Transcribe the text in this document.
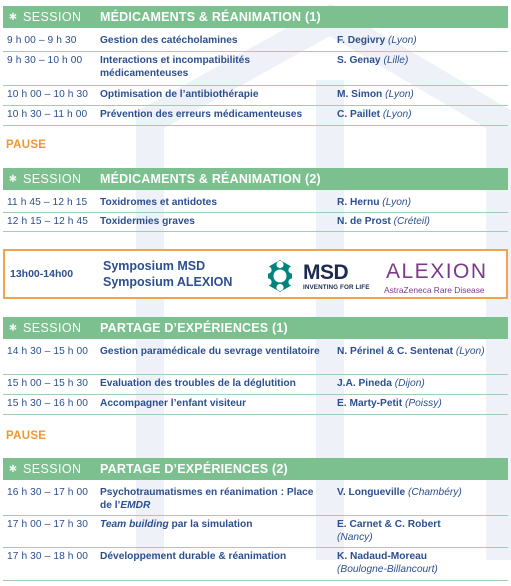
✱ SESSION	MÉDICAMENTS & RÉANIMATION (1)
9 h 00 – 9 h 30 Gestion des catécholamines	F. Degivry (Lyon)
9 h 30 – 10 h 00 Interactions et incompatibilités médicamenteuses
S. Genay (Lille)
10 h 00 – 10 h 30 Optimisation de l’antibiothérapie	M. Simon (Lyon)
10 h 30 – 11 h 00 Prévention des erreurs médicamenteuses	C. Paillet (Lyon)
PAUSE
✱ SESSION	MÉDICAMENTS & RÉANIMATION (2)
11 h 45 – 12 h 15 Toxidromes et antidotes	R. Hernu (Lyon)
12 h 15 – 12 h 45 Toxidermies graves	N. de Prost (Créteil)
13h00-14h00
Symposium MSD
Symposium ALEXION	MSD
INVENTING FOR LIFE
ALEXION
AstraZeneca Rare Disease
✱ SESSION	PARTAGE D’EXPÉRIENCES (1)
14 h 30 – 15 h 00 Gestion paramédicale du sevrage ventilatoire	N. Périnel & C. Sentenat (Lyon)
15 h 00 – 15 h 30 Evaluation des troubles de la déglutition	J.A. Pineda (Dijon)
15 h 30 – 16 h 00 Accompagner l’enfant visiteur	E. Marty-Petit (Poissy)
PAUSE
✱ SESSION	PARTAGE D’EXPÉRIENCES (2)
16 h 30 – 17 h 00 Psychotraumatismes en réanimation : Place de l’EMDR
V. Longueville (Chambéry)
17 h 00 – 17 h 30 Team building par la simulation	E. Carnet & C. Robert
(Nancy)
17 h 30 – 18 h 00 Développement durable & réanimation	K. Nadaud-Moreau
(Boulogne-Billancourt)
